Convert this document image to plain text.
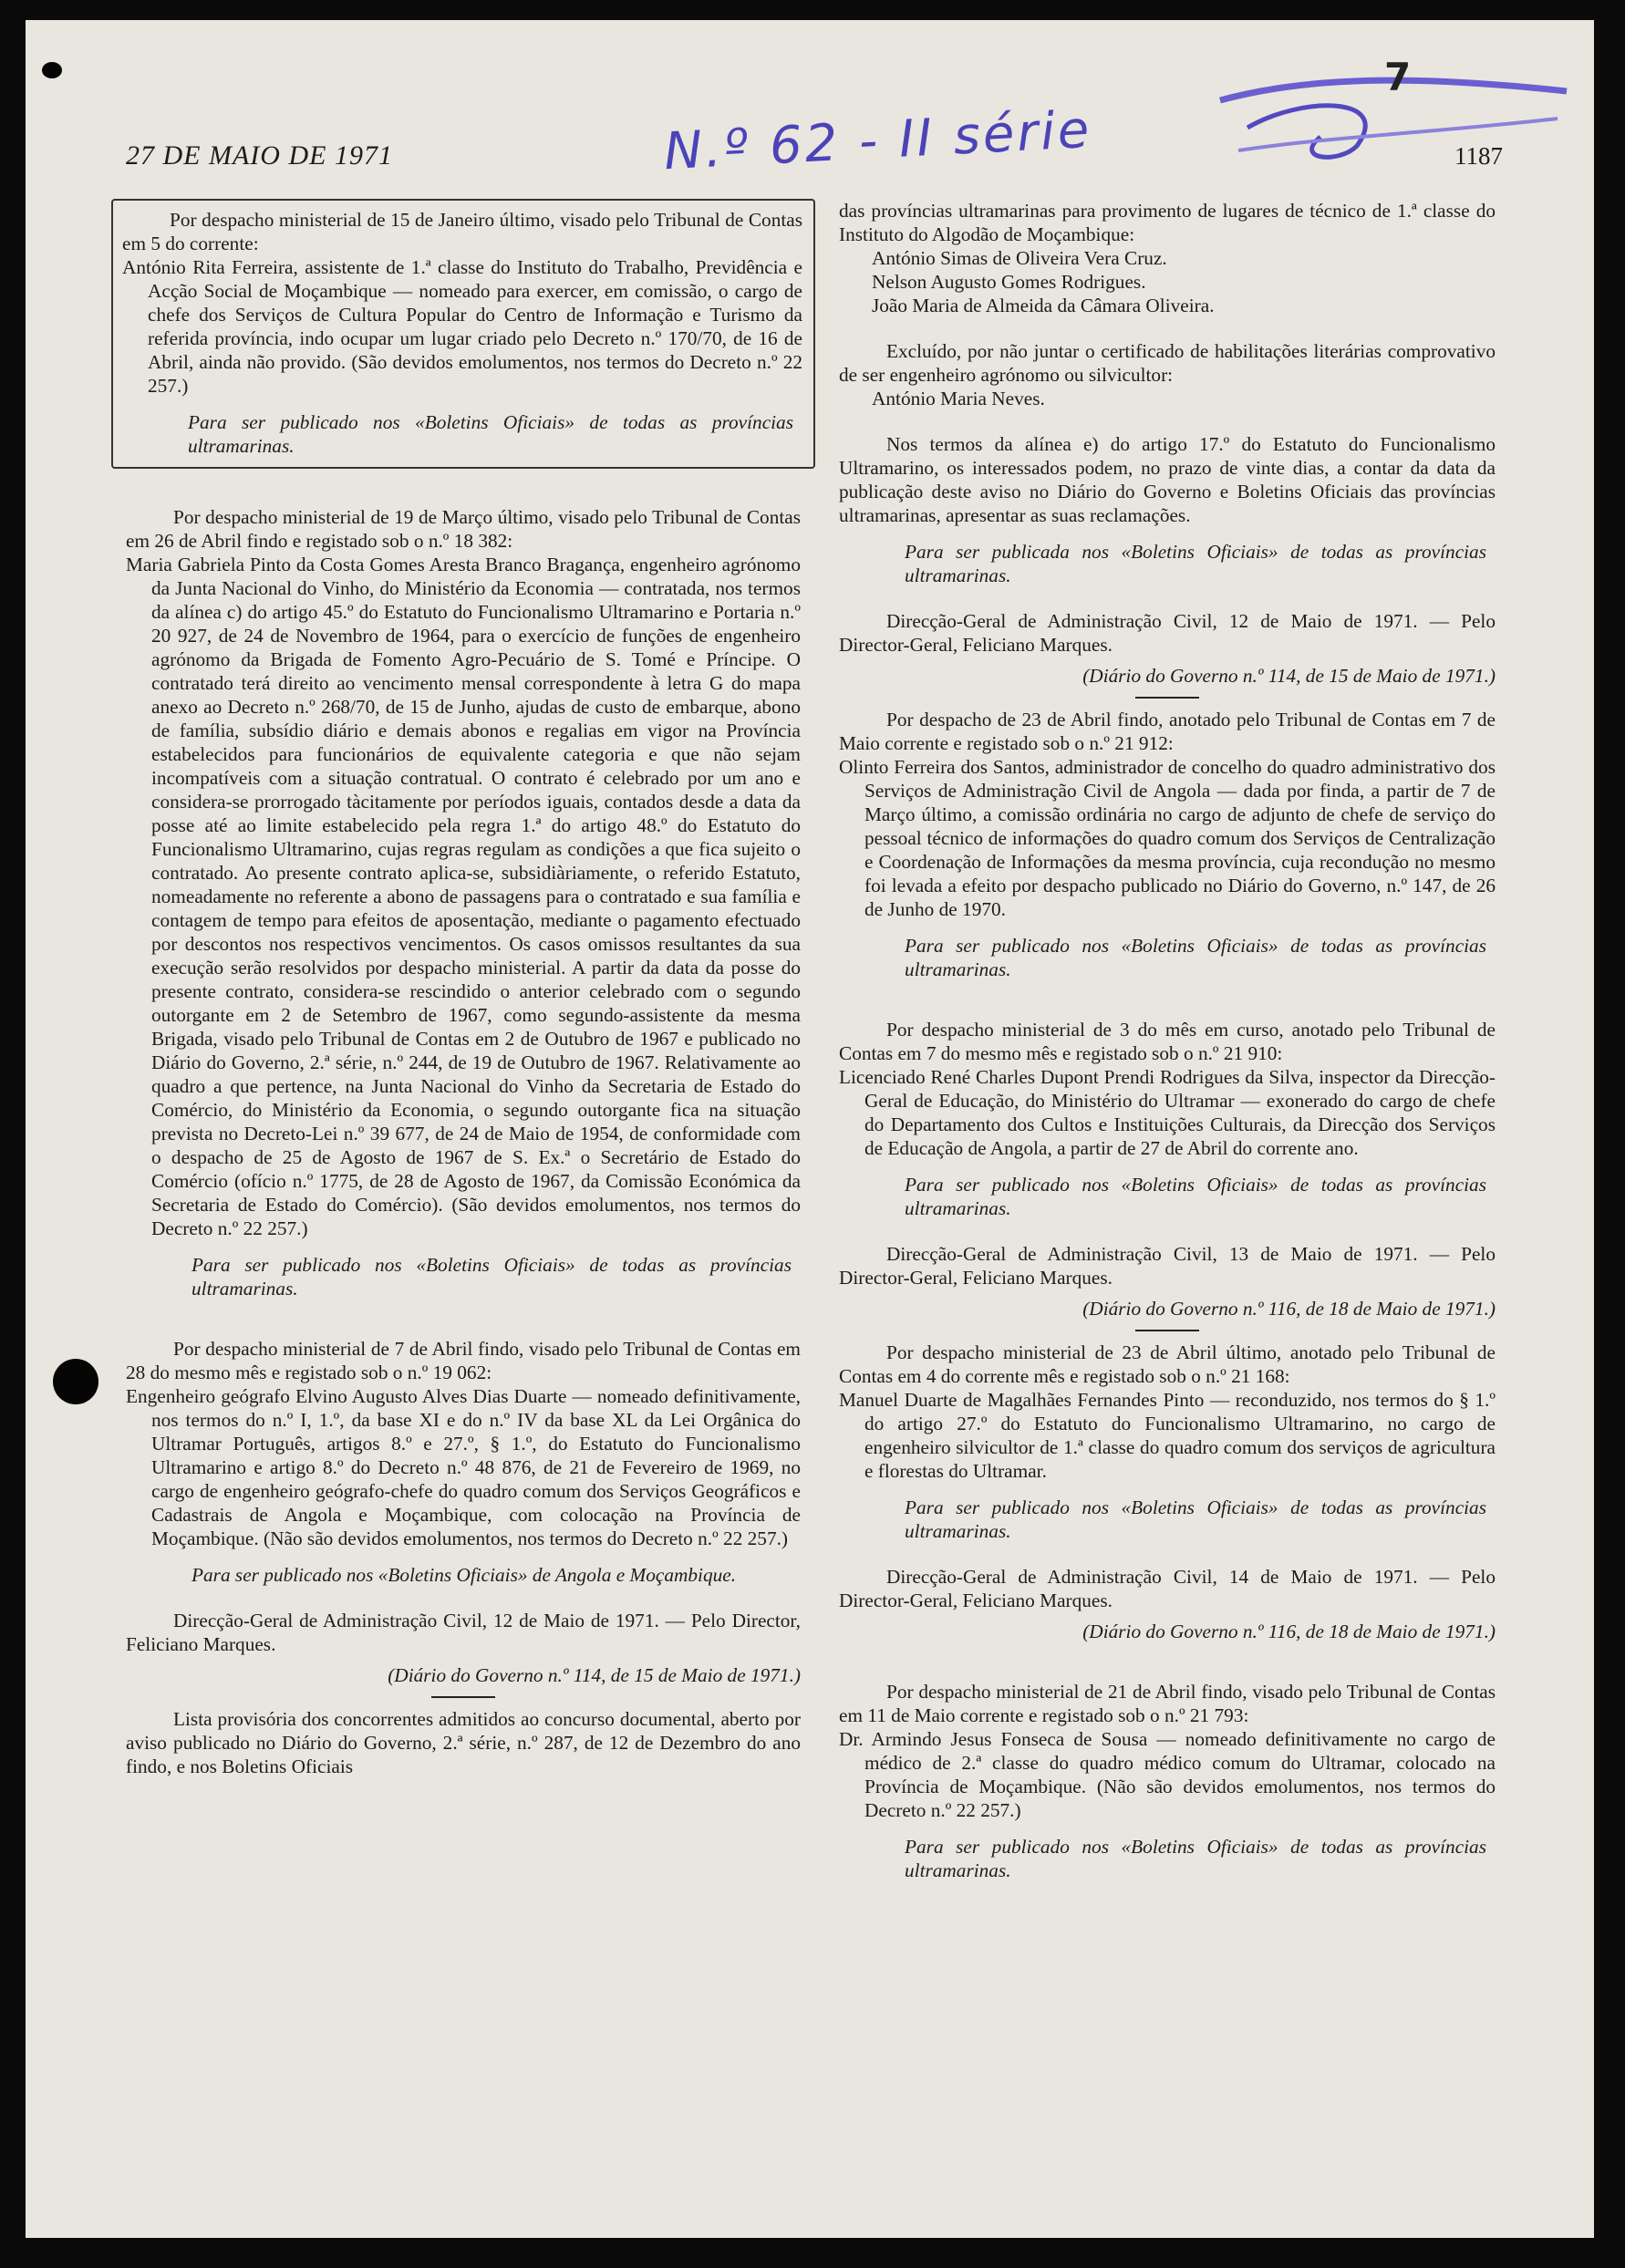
7
N.º 62 - II série
27 DE MAIO DE 1971	1187

Por despacho ministerial de 15 de Janeiro último, visado pelo Tribunal de Contas em 5 do corrente:

António Rita Ferreira, assistente de 1.ª classe do Instituto do Trabalho, Previdência e Acção Social de Moçambique — nomeado para exercer, em comissão, o cargo de chefe dos Serviços de Cultura Popular do Centro de Informação e Turismo da referida província, indo ocupar um lugar criado pelo Decreto n.º 170/70, de 16 de Abril, ainda não provido. (São devidos emolumentos, nos termos do Decreto n.º 22 257.)

Para ser publicado nos «Boletins Oficiais» de todas as províncias ultramarinas.

Por despacho ministerial de 19 de Março último, visado pelo Tribunal de Contas em 26 de Abril findo e registado sob o n.º 18 382:

Maria Gabriela Pinto da Costa Gomes Aresta Branco Bragança, engenheiro agrónomo da Junta Nacional do Vinho, do Ministério da Economia — contratada, nos termos da alínea c) do artigo 45.º do Estatuto do Funcionalismo Ultramarino e Portaria n.º 20 927, de 24 de Novembro de 1964, para o exercício de funções de engenheiro agrónomo da Brigada de Fomento Agro-Pecuário de S. Tomé e Príncipe. O contratado terá direito ao vencimento mensal correspondente à letra G do mapa anexo ao Decreto n.º 268/70, de 15 de Junho, ajudas de custo de embarque, abono de família, subsídio diário e demais abonos e regalias em vigor na Província estabelecidos para funcionários de equivalente categoria e que não sejam incompatíveis com a situação contratual. O contrato é celebrado por um ano e considera-se prorrogado tàcitamente por períodos iguais, contados desde a data da posse até ao limite estabelecido pela regra 1.ª do artigo 48.º do Estatuto do Funcionalismo Ultramarino, cujas regras regulam as condições a que fica sujeito o contratado. Ao presente contrato aplica-se, subsidiàriamente, o referido Estatuto, nomeadamente no referente a abono de passagens para o contratado e sua família e contagem de tempo para efeitos de aposentação, mediante o pagamento efectuado por descontos nos respectivos vencimentos. Os casos omissos resultantes da sua execução serão resolvidos por despacho ministerial. A partir da data da posse do presente contrato, considera-se rescindido o anterior celebrado com o segundo outorgante em 2 de Setembro de 1967, como segundo-assistente da mesma Brigada, visado pelo Tribunal de Contas em 2 de Outubro de 1967 e publicado no Diário do Governo, 2.ª série, n.º 244, de 19 de Outubro de 1967. Relativamente ao quadro a que pertence, na Junta Nacional do Vinho da Secretaria de Estado do Comércio, do Ministério da Economia, o segundo outorgante fica na situação prevista no Decreto-Lei n.º 39 677, de 24 de Maio de 1954, de conformidade com o despacho de 25 de Agosto de 1967 de S. Ex.ª o Secretário de Estado do Comércio (ofício n.º 1775, de 28 de Agosto de 1967, da Comissão Económica da Secretaria de Estado do Comércio). (São devidos emolumentos, nos termos do Decreto n.º 22 257.)

Para ser publicado nos «Boletins Oficiais» de todas as províncias ultramarinas.

Por despacho ministerial de 7 de Abril findo, visado pelo Tribunal de Contas em 28 do mesmo mês e registado sob o n.º 19 062:

Engenheiro geógrafo Elvino Augusto Alves Dias Duarte — nomeado definitivamente, nos termos do n.º I, 1.º, da base XI e do n.º IV da base XL da Lei Orgânica do Ultramar Português, artigos 8.º e 27.º, § 1.º, do Estatuto do Funcionalismo Ultramarino e artigo 8.º do Decreto n.º 48 876, de 21 de Fevereiro de 1969, no cargo de engenheiro geógrafo-chefe do quadro comum dos Serviços Geográficos e Cadastrais de Angola e Moçambique, com colocação na Província de Moçambique. (Não são devidos emolumentos, nos termos do Decreto n.º 22 257.)

Para ser publicado nos «Boletins Oficiais» de Angola e Moçambique.

Direcção-Geral de Administração Civil, 12 de Maio de 1971. — Pelo Director, Feliciano Marques.

(Diário do Governo n.º 114, de 15 de Maio de 1971.)

Lista provisória dos concorrentes admitidos ao concurso documental, aberto por aviso publicado no Diário do Governo, 2.ª série, n.º 287, de 12 de Dezembro do ano findo, e nos Boletins Oficiais

das províncias ultramarinas para provimento de lugares de técnico de 1.ª classe do Instituto do Algodão de Moçambique:

António Simas de Oliveira Vera Cruz.

Nelson Augusto Gomes Rodrigues.

João Maria de Almeida da Câmara Oliveira.

Excluído, por não juntar o certificado de habilitações literárias comprovativo de ser engenheiro agrónomo ou silvicultor:

António Maria Neves.

Nos termos da alínea e) do artigo 17.º do Estatuto do Funcionalismo Ultramarino, os interessados podem, no prazo de vinte dias, a contar da data da publicação deste aviso no Diário do Governo e Boletins Oficiais das províncias ultramarinas, apresentar as suas reclamações.

Para ser publicada nos «Boletins Oficiais» de todas as províncias ultramarinas.

Direcção-Geral de Administração Civil, 12 de Maio de 1971. — Pelo Director-Geral, Feliciano Marques.

(Diário do Governo n.º 114, de 15 de Maio de 1971.)

Por despacho de 23 de Abril findo, anotado pelo Tribunal de Contas em 7 de Maio corrente e registado sob o n.º 21 912:

Olinto Ferreira dos Santos, administrador de concelho do quadro administrativo dos Serviços de Administração Civil de Angola — dada por finda, a partir de 7 de Março último, a comissão ordinária no cargo de adjunto de chefe de serviço do pessoal técnico de informações do quadro comum dos Serviços de Centralização e Coordenação de Informações da mesma província, cuja recondução no mesmo foi levada a efeito por despacho publicado no Diário do Governo, n.º 147, de 26 de Junho de 1970.

Para ser publicado nos «Boletins Oficiais» de todas as províncias ultramarinas.

Por despacho ministerial de 3 do mês em curso, anotado pelo Tribunal de Contas em 7 do mesmo mês e registado sob o n.º 21 910:

Licenciado René Charles Dupont Prendi Rodrigues da Silva, inspector da Direcção-Geral de Educação, do Ministério do Ultramar — exonerado do cargo de chefe do Departamento dos Cultos e Instituições Culturais, da Direcção dos Serviços de Educação de Angola, a partir de 27 de Abril do corrente ano.

Para ser publicado nos «Boletins Oficiais» de todas as províncias ultramarinas.

Direcção-Geral de Administração Civil, 13 de Maio de 1971. — Pelo Director-Geral, Feliciano Marques.

(Diário do Governo n.º 116, de 18 de Maio de 1971.)

Por despacho ministerial de 23 de Abril último, anotado pelo Tribunal de Contas em 4 do corrente mês e registado sob o n.º 21 168:

Manuel Duarte de Magalhães Fernandes Pinto — reconduzido, nos termos do § 1.º do artigo 27.º do Estatuto do Funcionalismo Ultramarino, no cargo de engenheiro silvicultor de 1.ª classe do quadro comum dos serviços de agricultura e florestas do Ultramar.

Para ser publicado nos «Boletins Oficiais» de todas as províncias ultramarinas.

Direcção-Geral de Administração Civil, 14 de Maio de 1971. — Pelo Director-Geral, Feliciano Marques.

(Diário do Governo n.º 116, de 18 de Maio de 1971.)

Por despacho ministerial de 21 de Abril findo, visado pelo Tribunal de Contas em 11 de Maio corrente e registado sob o n.º 21 793:

Dr. Armindo Jesus Fonseca de Sousa — nomeado definitivamente no cargo de médico de 2.ª classe do quadro médico comum do Ultramar, colocado na Província de Moçambique. (Não são devidos emolumentos, nos termos do Decreto n.º 22 257.)

Para ser publicado nos «Boletins Oficiais» de todas as províncias ultramarinas.
